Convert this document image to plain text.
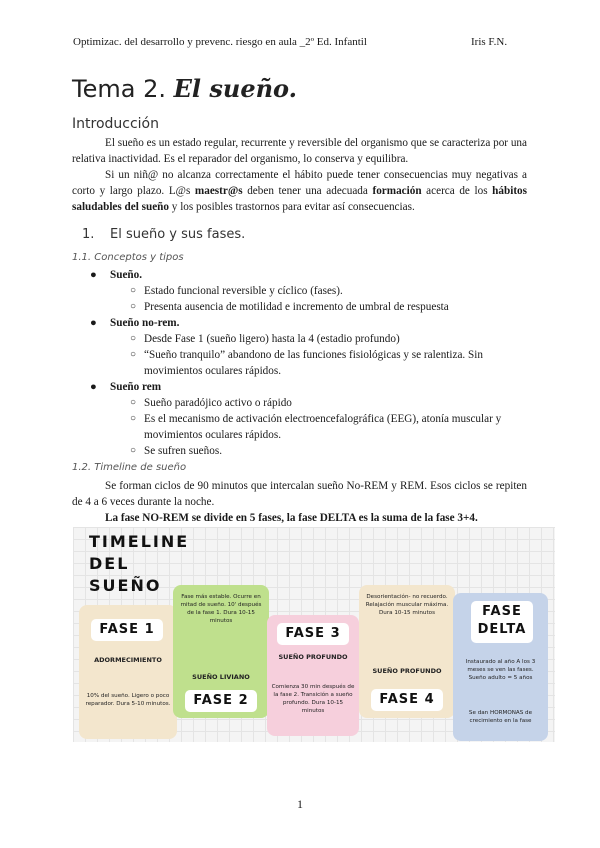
Optimizac. del desarrollo y prevenc. riesgo en aula _2º Ed. Infantil	Iris F.N.
Tema 2. El sueño.
Introducción
El sueño es un estado regular, recurrente y reversible del organismo que se caracteriza por una relativa inactividad. Es el reparador del organismo, lo conserva y equilibra.
Si un niñ@ no alcanza correctamente el hábito puede tener consecuencias muy negativas a corto y largo plazo. L@s maestr@s deben tener una adecuada formación acerca de los hábitos saludables del sueño y los posibles trastornos para evitar así consecuencias.
1. El sueño y sus fases.
1.1. Conceptos y tipos
● Sueño.
○ Estado funcional reversible y cíclico (fases).
○ Presenta ausencia de motilidad e incremento de umbral de respuesta
● Sueño no-rem.
○ Desde Fase 1 (sueño ligero) hasta la 4 (estadio profundo)
○ “Sueño tranquilo” abandono de las funciones fisiológicas y se ralentiza. Sin movimientos oculares rápidos.
● Sueño rem
○ Sueño paradójico activo o rápido
○ Es el mecanismo de activación electroencefalográfica (EEG), atonía muscular y movimientos oculares rápidos.
○ Se sufren sueños.
1.2. Timeline de sueño
Se forman ciclos de 90 minutos que intercalan sueño No-REM y REM. Esos ciclos se repiten de 4 a 6 veces durante la noche.
La fase NO-REM se divide en 5 fases, la fase DELTA es la suma de la fase 3+4.
TIMELINE
DEL
SUEÑO
FASE 1
ADORMECIMIENTO
10% del sueño. Ligero o poco reparador. Dura 5-10 minutos.
Fase más estable. Ocurre en mitad de sueño. 10' después de la fase 1. Dura 10-15 minutos
SUEÑO LIVIANO
FASE 2
FASE 3
SUEÑO PROFUNDO
Comienza 30 min después de la fase 2. Transición a sueño profundo. Dura 10-15 minutos
Desorientación- no recuerdo. Relajación muscular máxima. Dura 10-15 minutos
SUEÑO PROFUNDO
FASE 4
FASE
DELTA
Instaurado al año A los 3 meses se ven las fases. Sueño adulto = 5 años
Se dan HORMONAS de crecimiento en la fase
1
